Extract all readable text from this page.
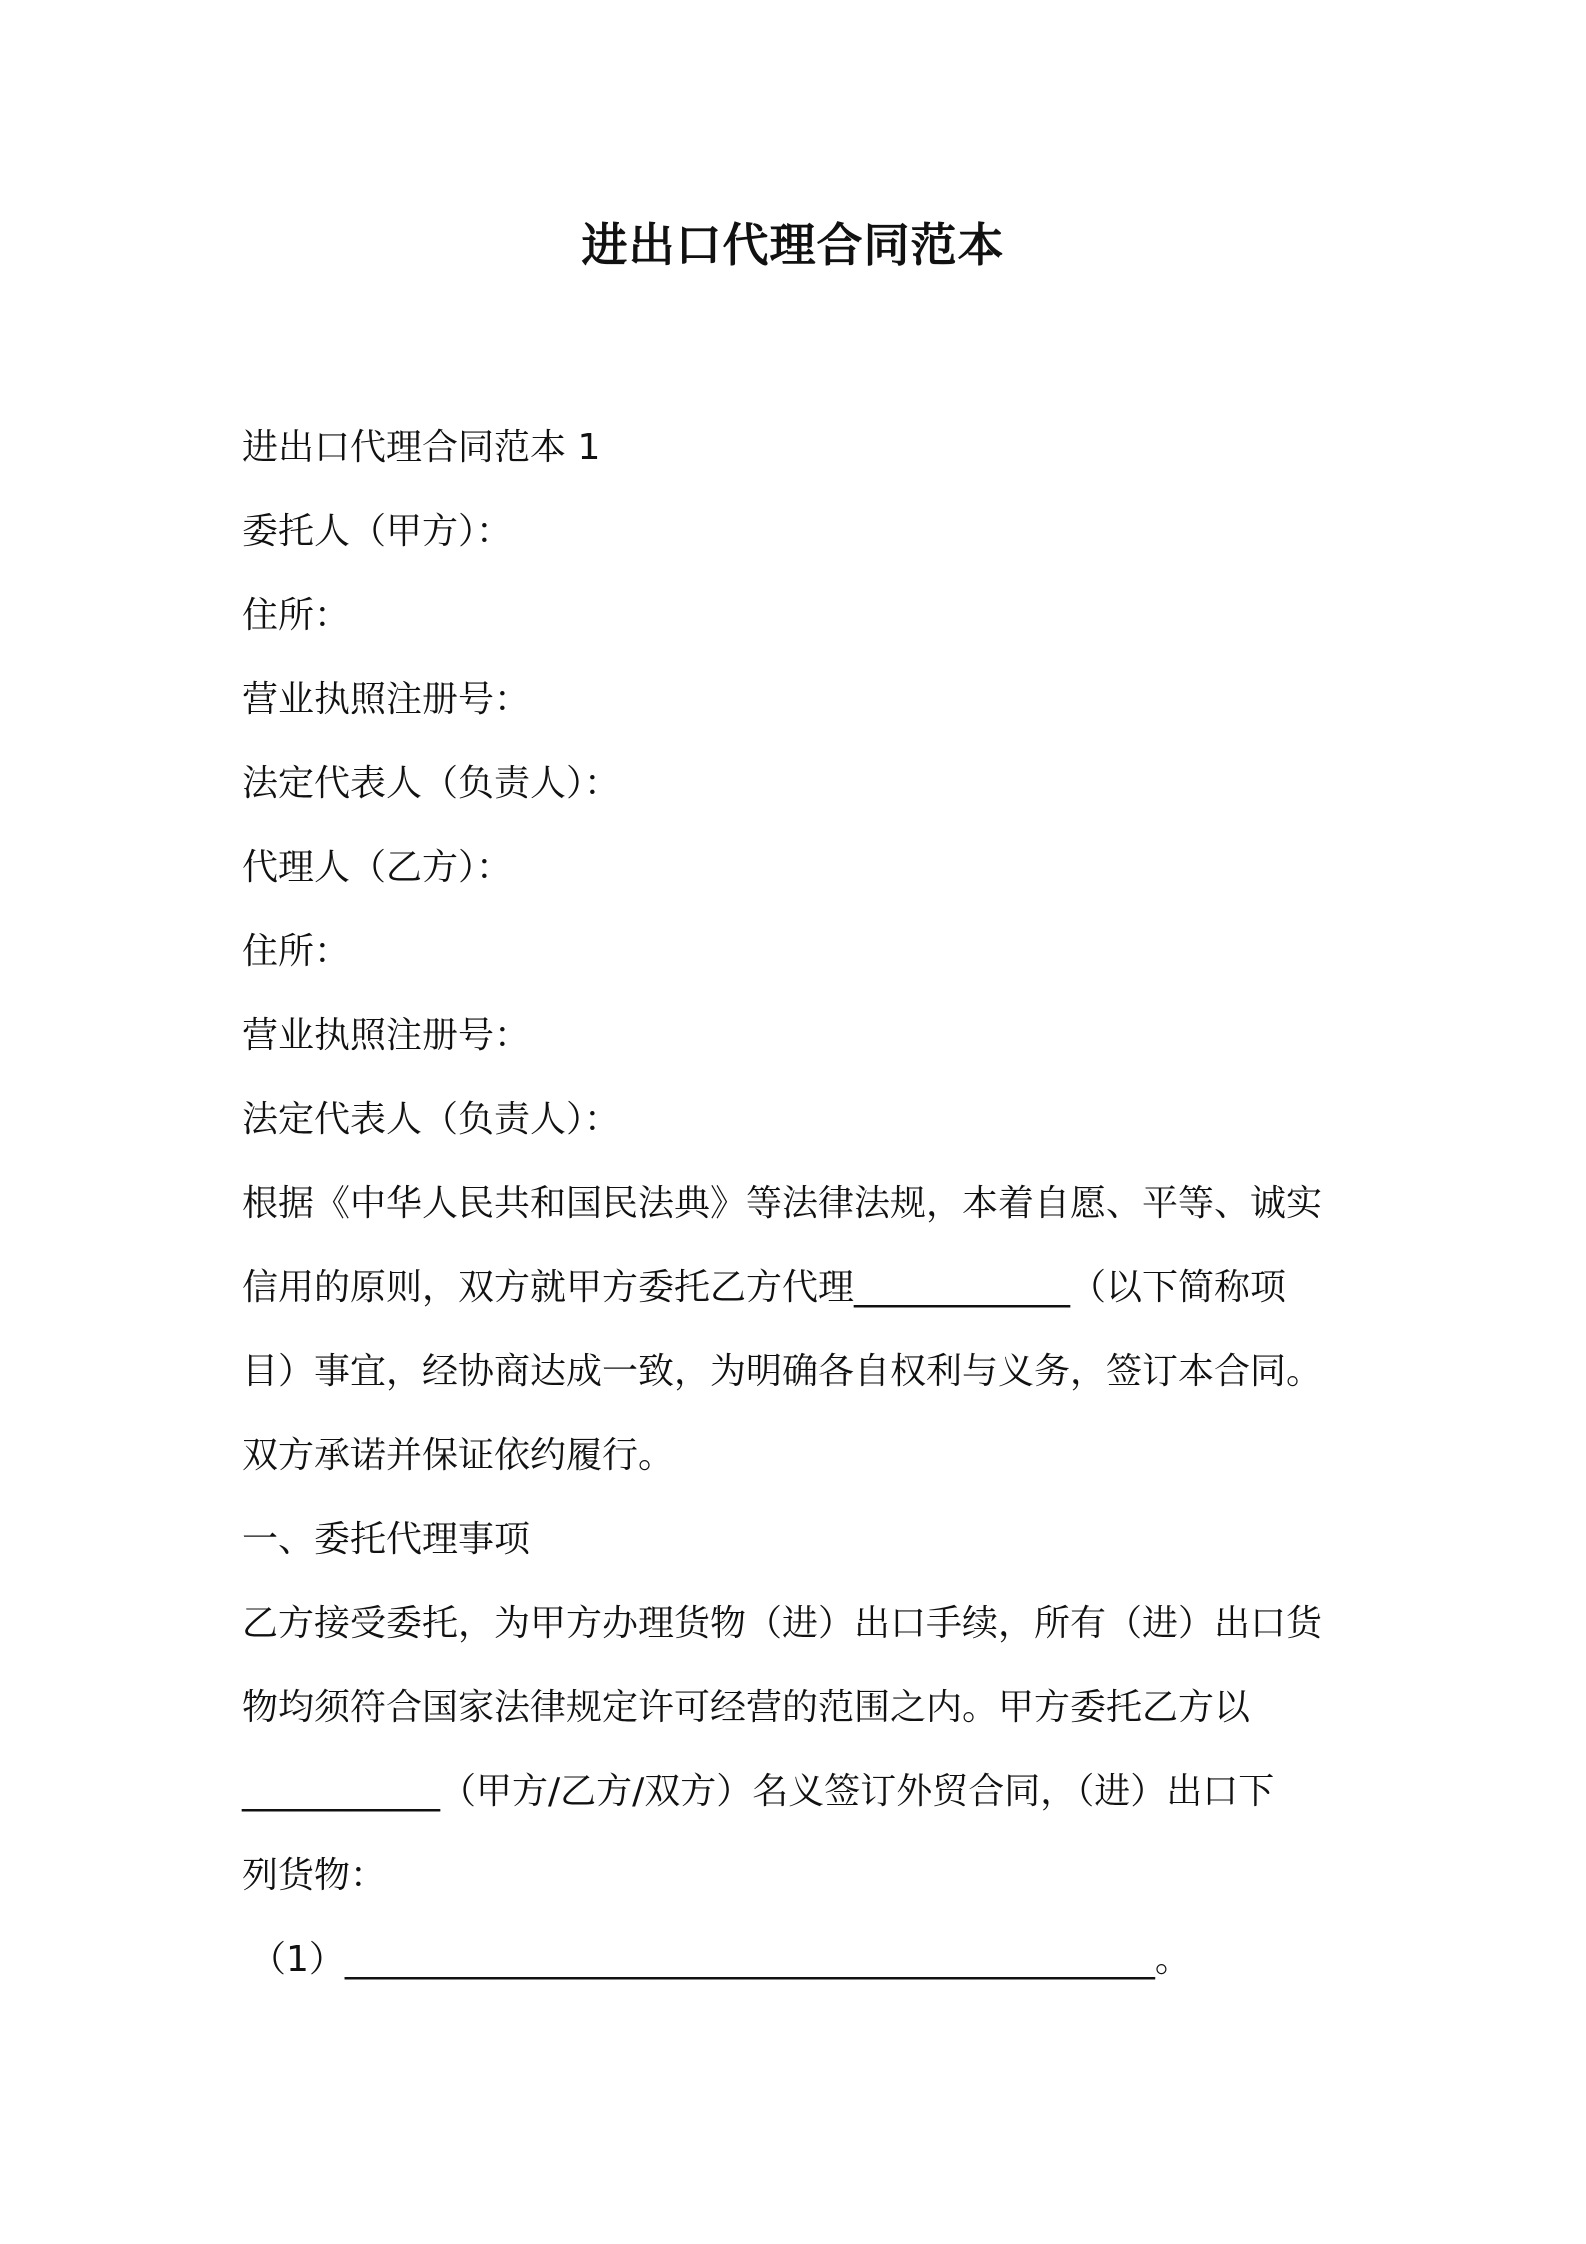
进出口代理合同范本
进出口代理合同范本 1
委托人（甲方）：
住所：
营业执照注册号：
法定代表人（负责人）：
代理人（乙方）：
住所：
营业执照注册号：
法定代表人（负责人）：
根据《中华人民共和国民法典》等法律法规，本着自愿、平等、诚实
信用的原则，双方就甲方委托乙方代理____________（以下简称项
目）事宜，经协商达成一致，为明确各自权利与义务，签订本合同。
双方承诺并保证依约履行。
一、委托代理事项
乙方接受委托，为甲方办理货物（进）出口手续，所有（进）出口货
物均须符合国家法律规定许可经营的范围之内。甲方委托乙方以
___________（甲方/乙方/双方）名义签订外贸合同，（进）出口下
列货物：
（1）_____________________________________________。
